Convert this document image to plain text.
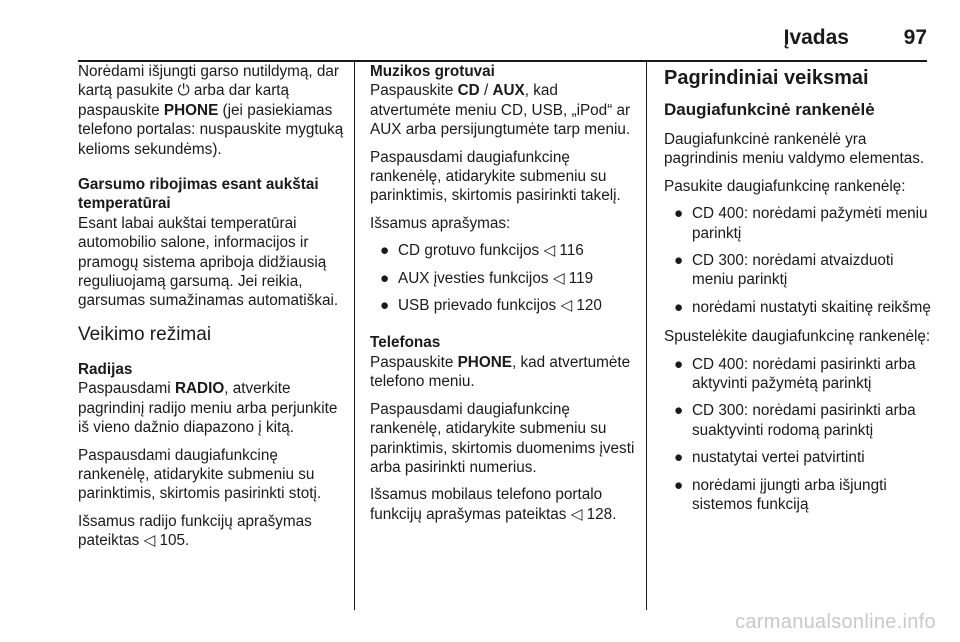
Įvadas	97

Norėdami išjungti garso nutildymą, dar kartą pasukite ⏻ arba dar kartą paspauskite PHONE (jei pasiekiamas telefono portalas: nuspauskite mygtuką kelioms sekundėms).

Garsumo ribojimas esant aukštai temperatūrai

Esant labai aukštai temperatūrai automobilio salone, informacijos ir pramogų sistema apriboja didžiausią reguliuojamą garsumą. Jei reikia, garsumas sumažinamas automatiškai.

Veikimo režimai

Radijas

Paspausdami RADIO, atverkite pagrindinį radijo meniu arba perjunkite iš vieno dažnio diapazono į kitą.

Paspausdami daugiafunkcinę rankenėlę, atidarykite submeniu su parinktimis, skirtomis pasirinkti stotį.

Išsamus radijo funkcijų aprašymas pateiktas ◁ 105.

Muzikos grotuvai

Paspauskite CD / AUX, kad atvertumėte meniu CD, USB, „iPod“ ar AUX arba persijungtumėte tarp meniu.

Paspausdami daugiafunkcinę rankenėlę, atidarykite submeniu su parinktimis, skirtomis pasirinkti takelį.

Išsamus aprašymas:

● CD grotuvo funkcijos ◁ 116
● AUX įvesties funkcijos ◁ 119
● USB prievado funkcijos ◁ 120

Telefonas

Paspauskite PHONE, kad atvertumėte telefono meniu.

Paspausdami daugiafunkcinę rankenėlę, atidarykite submeniu su parinktimis, skirtomis duomenims įvesti arba pasirinkti numerius.

Išsamus mobilaus telefono portalo funkcijų aprašymas pateiktas ◁ 128.

Pagrindiniai veiksmai
Daugiafunkcinė rankenėlė

Daugiafunkcinė rankenėlė yra pagrindinis meniu valdymo elementas.

Pasukite daugiafunkcinę rankenėlę:

● CD 400: norėdami pažymėti meniu parinktį
● CD 300: norėdami atvaizduoti meniu parinktį
● norėdami nustatyti skaitinę reikšmę

Spustelėkite daugiafunkcinę rankenėlę:

● CD 400: norėdami pasirinkti arba aktyvinti pažymėtą parinktį
● CD 300: norėdami pasirinkti arba suaktyvinti rodomą parinktį
● nustatytai vertei patvirtinti
● norėdami įjungti arba išjungti sistemos funkciją
carmanualsonline.info
